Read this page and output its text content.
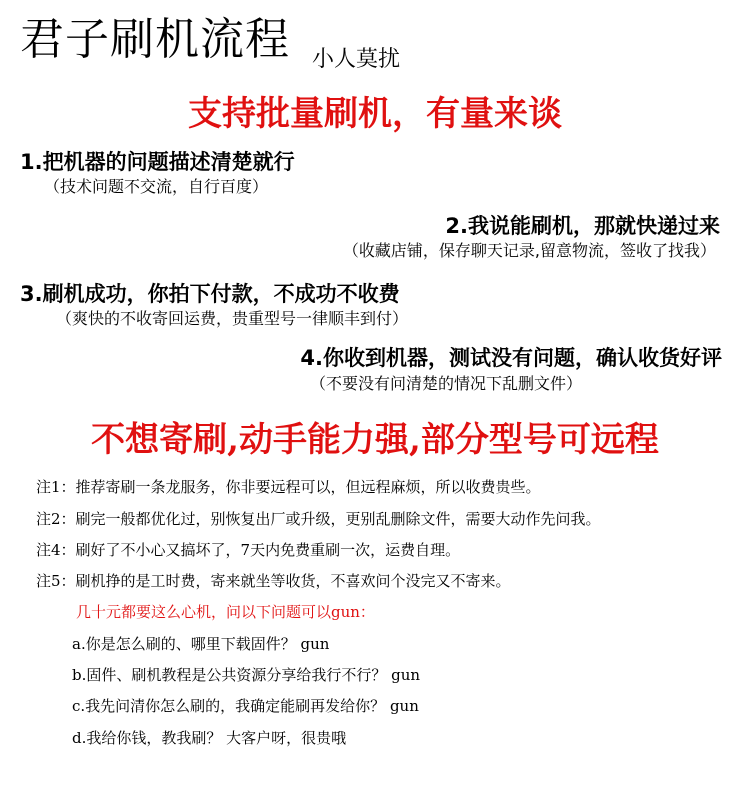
君子刷机流程 小人莫扰
支持批量刷机，有量来谈
1.把机器的问题描述清楚就行
（技术问题不交流，自行百度）
2.我说能刷机，那就快递过来
（收藏店铺，保存聊天记录,留意物流，签收了找我）
3.刷机成功，你拍下付款，不成功不收费
（爽快的不收寄回运费，贵重型号一律顺丰到付）
4.你收到机器，测试没有问题，确认收货好评
（不要没有问清楚的情况下乱删文件）
不想寄刷,动手能力强,部分型号可远程
注1：推荐寄刷一条龙服务，你非要远程可以，但远程麻烦，所以收费贵些。
注2：刷完一般都优化过，别恢复出厂或升级，更别乱删除文件，需要大动作先问我。
注4：刷好了不小心又搞坏了，7天内免费重刷一次，运费自理。
注5：刷机挣的是工时费，寄来就坐等收货，不喜欢问个没完又不寄来。
几十元都要这么心机，问以下问题可以gun：
a.你是怎么刷的、哪里下载固件？ gun
b.固件、刷机教程是公共资源分享给我行不行？ gun
c.我先问清你怎么刷的，我确定能刷再发给你？ gun
d.我给你钱，教我刷？ 大客户呀，很贵哦
